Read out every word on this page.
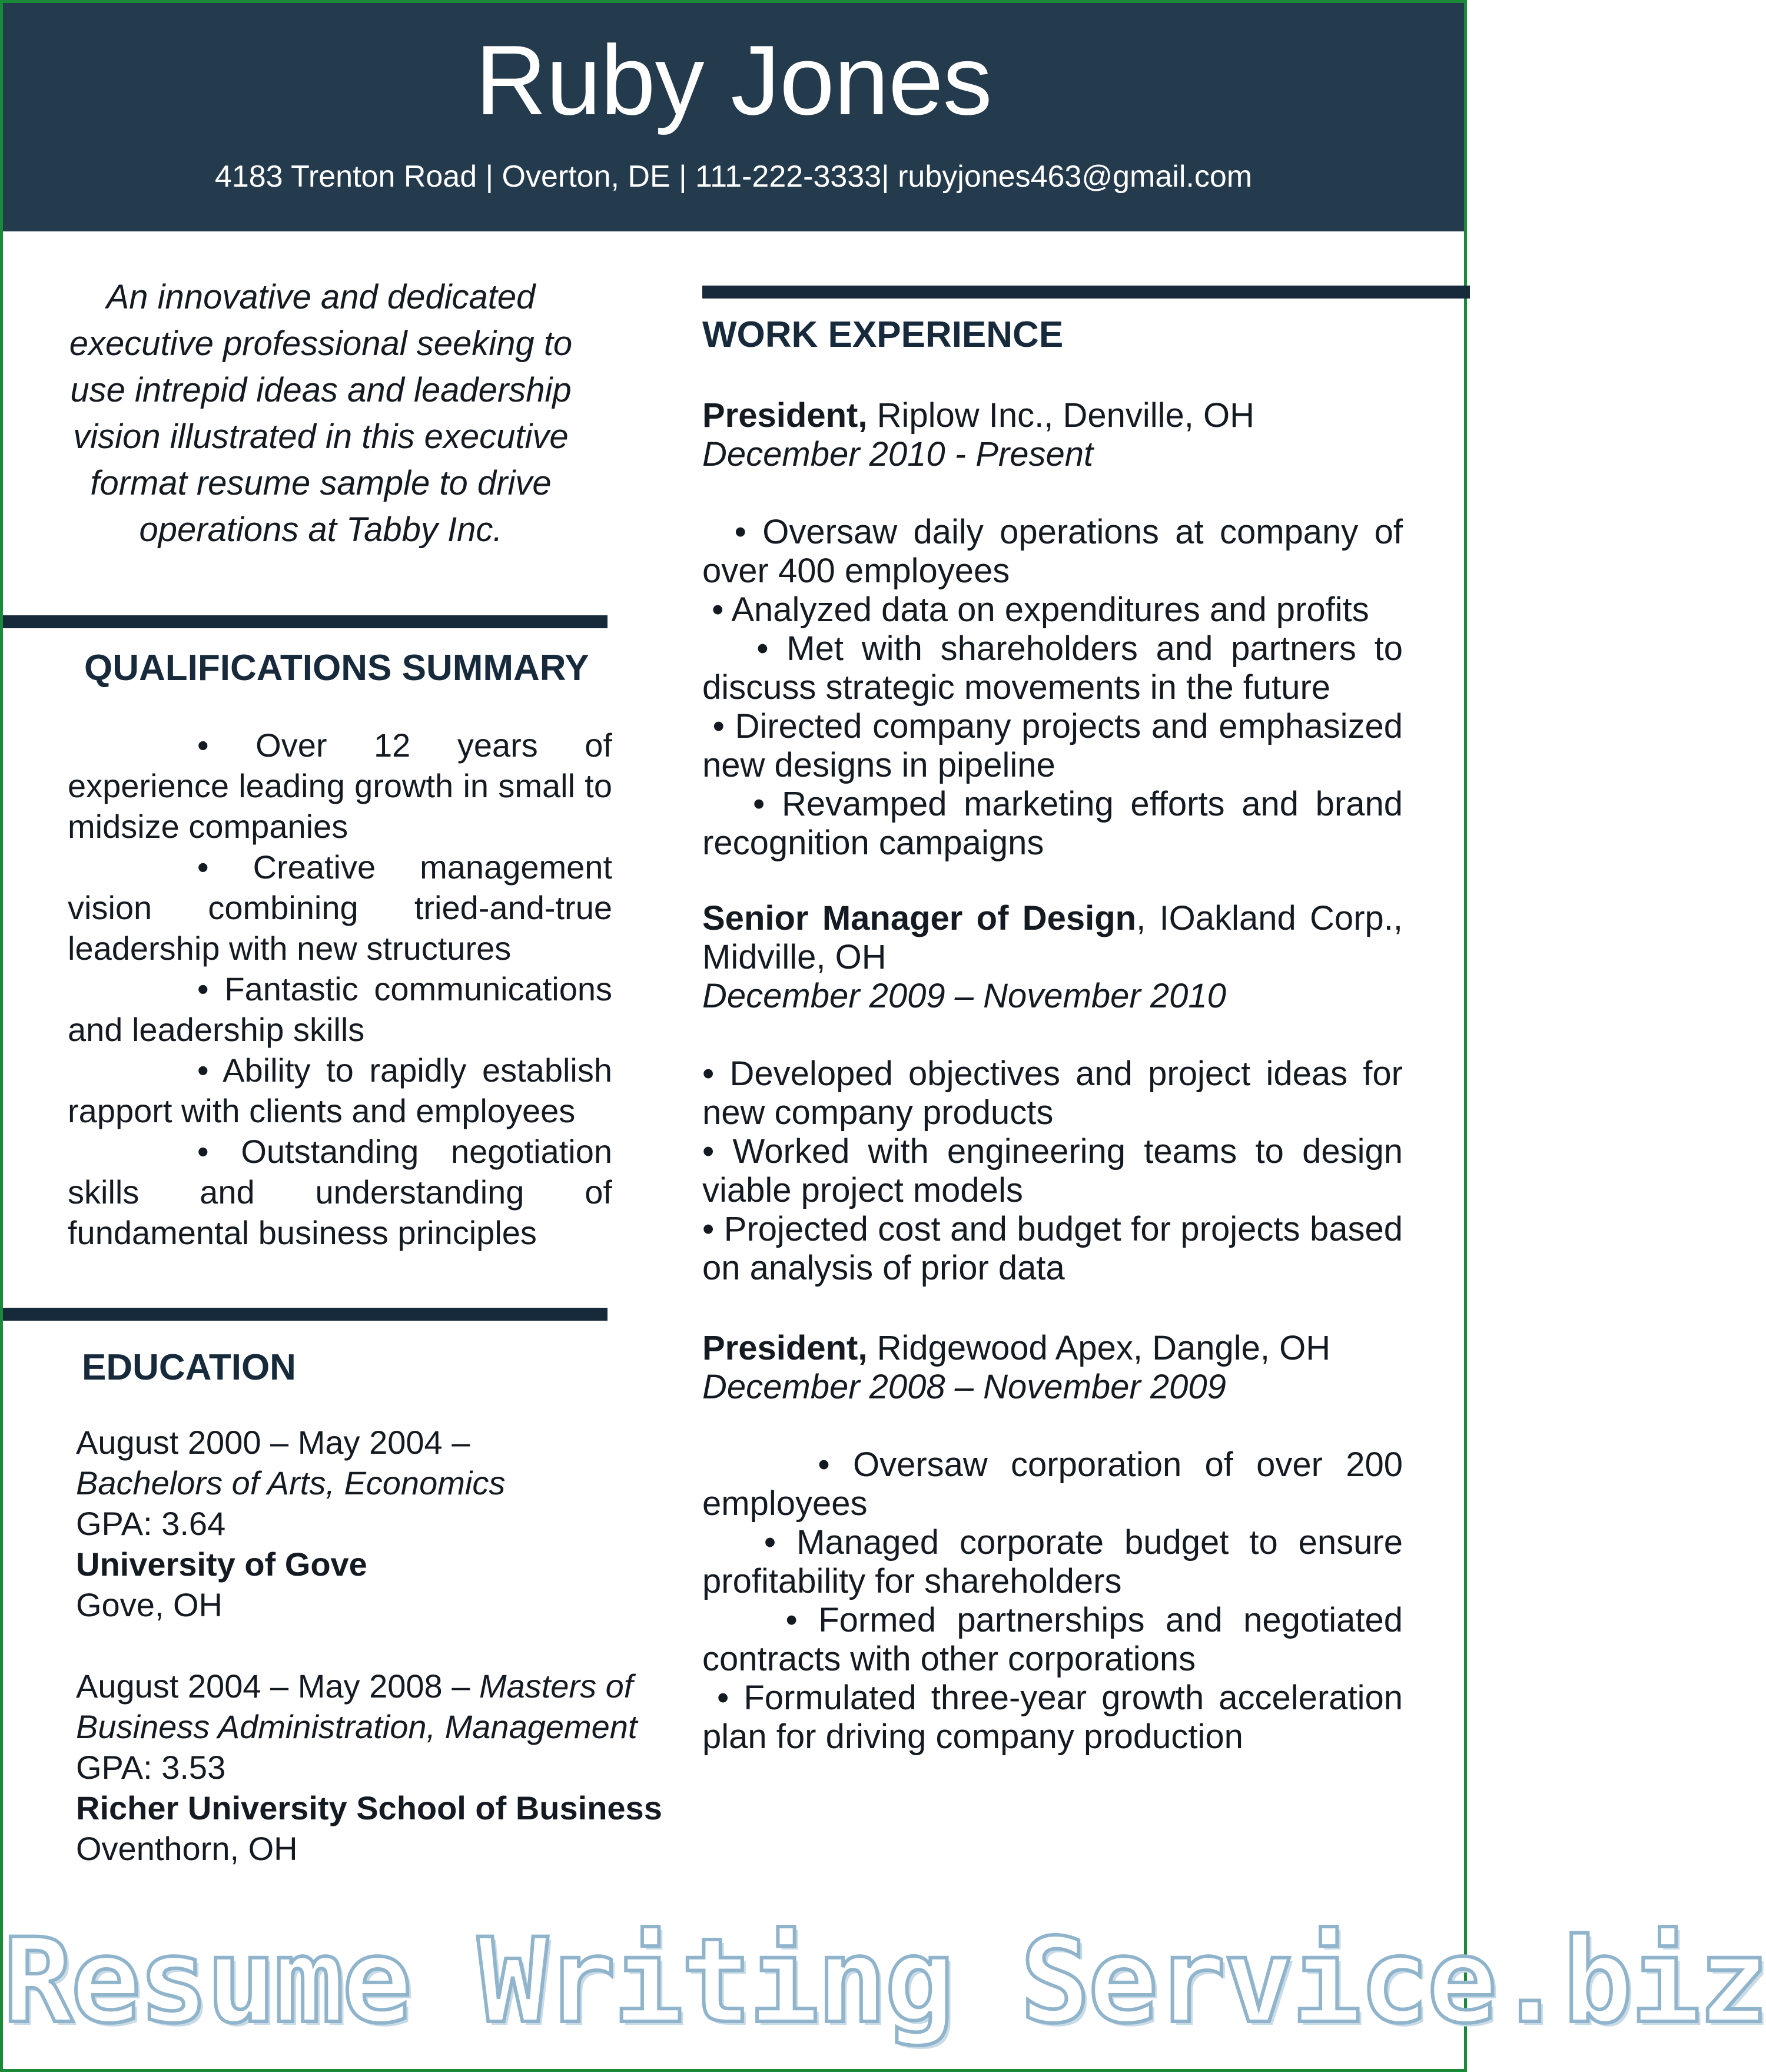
Ruby Jones
4183 Trenton Road | Overton, DE | 111-222-3333| rubyjones463@gmail.com
An innovative and dedicated executive professional seeking to use intrepid ideas and leadership vision illustrated in this executive format resume sample to drive operations at Tabby Inc.
QUALIFICATIONS SUMMARY
• Over 12 years of experience leading growth in small to midsize companies
• Creative management vision combining tried-and-true leadership with new structures
• Fantastic communications and leadership skills
• Ability to rapidly establish rapport with clients and employees
• Outstanding negotiation skills and understanding of fundamental business principles
EDUCATION
August 2000 – May 2004 –
Bachelors of Arts, Economics
GPA: 3.64
University of Gove
Gove, OH
August 2004 – May 2008 – Masters of
Business Administration, Management
GPA: 3.53
Richer University School of Business
Oventhorn, OH
WORK EXPERIENCE
President, Riplow Inc., Denville, OH
December 2010 - Present
• Oversaw daily operations at company of over 400 employees
• Analyzed data on expenditures and profits
• Met with shareholders and partners to discuss strategic movements in the future
• Directed company projects and emphasized new designs in pipeline
• Revamped marketing efforts and brand recognition campaigns
Senior Manager of Design, IOakland Corp., Midville, OH
December 2009 – November 2010
• Developed objectives and project ideas for new company products
• Worked with engineering teams to design viable project models
• Projected cost and budget for projects based on analysis of prior data
President, Ridgewood Apex, Dangle, OH
December 2008 – November 2009
• Oversaw corporation of over 200 employees
• Managed corporate budget to ensure profitability for shareholders
• Formed partnerships and negotiated contracts with other corporations
• Formulated three-year growth acceleration plan for driving company production
Resume Writing Service.biz
